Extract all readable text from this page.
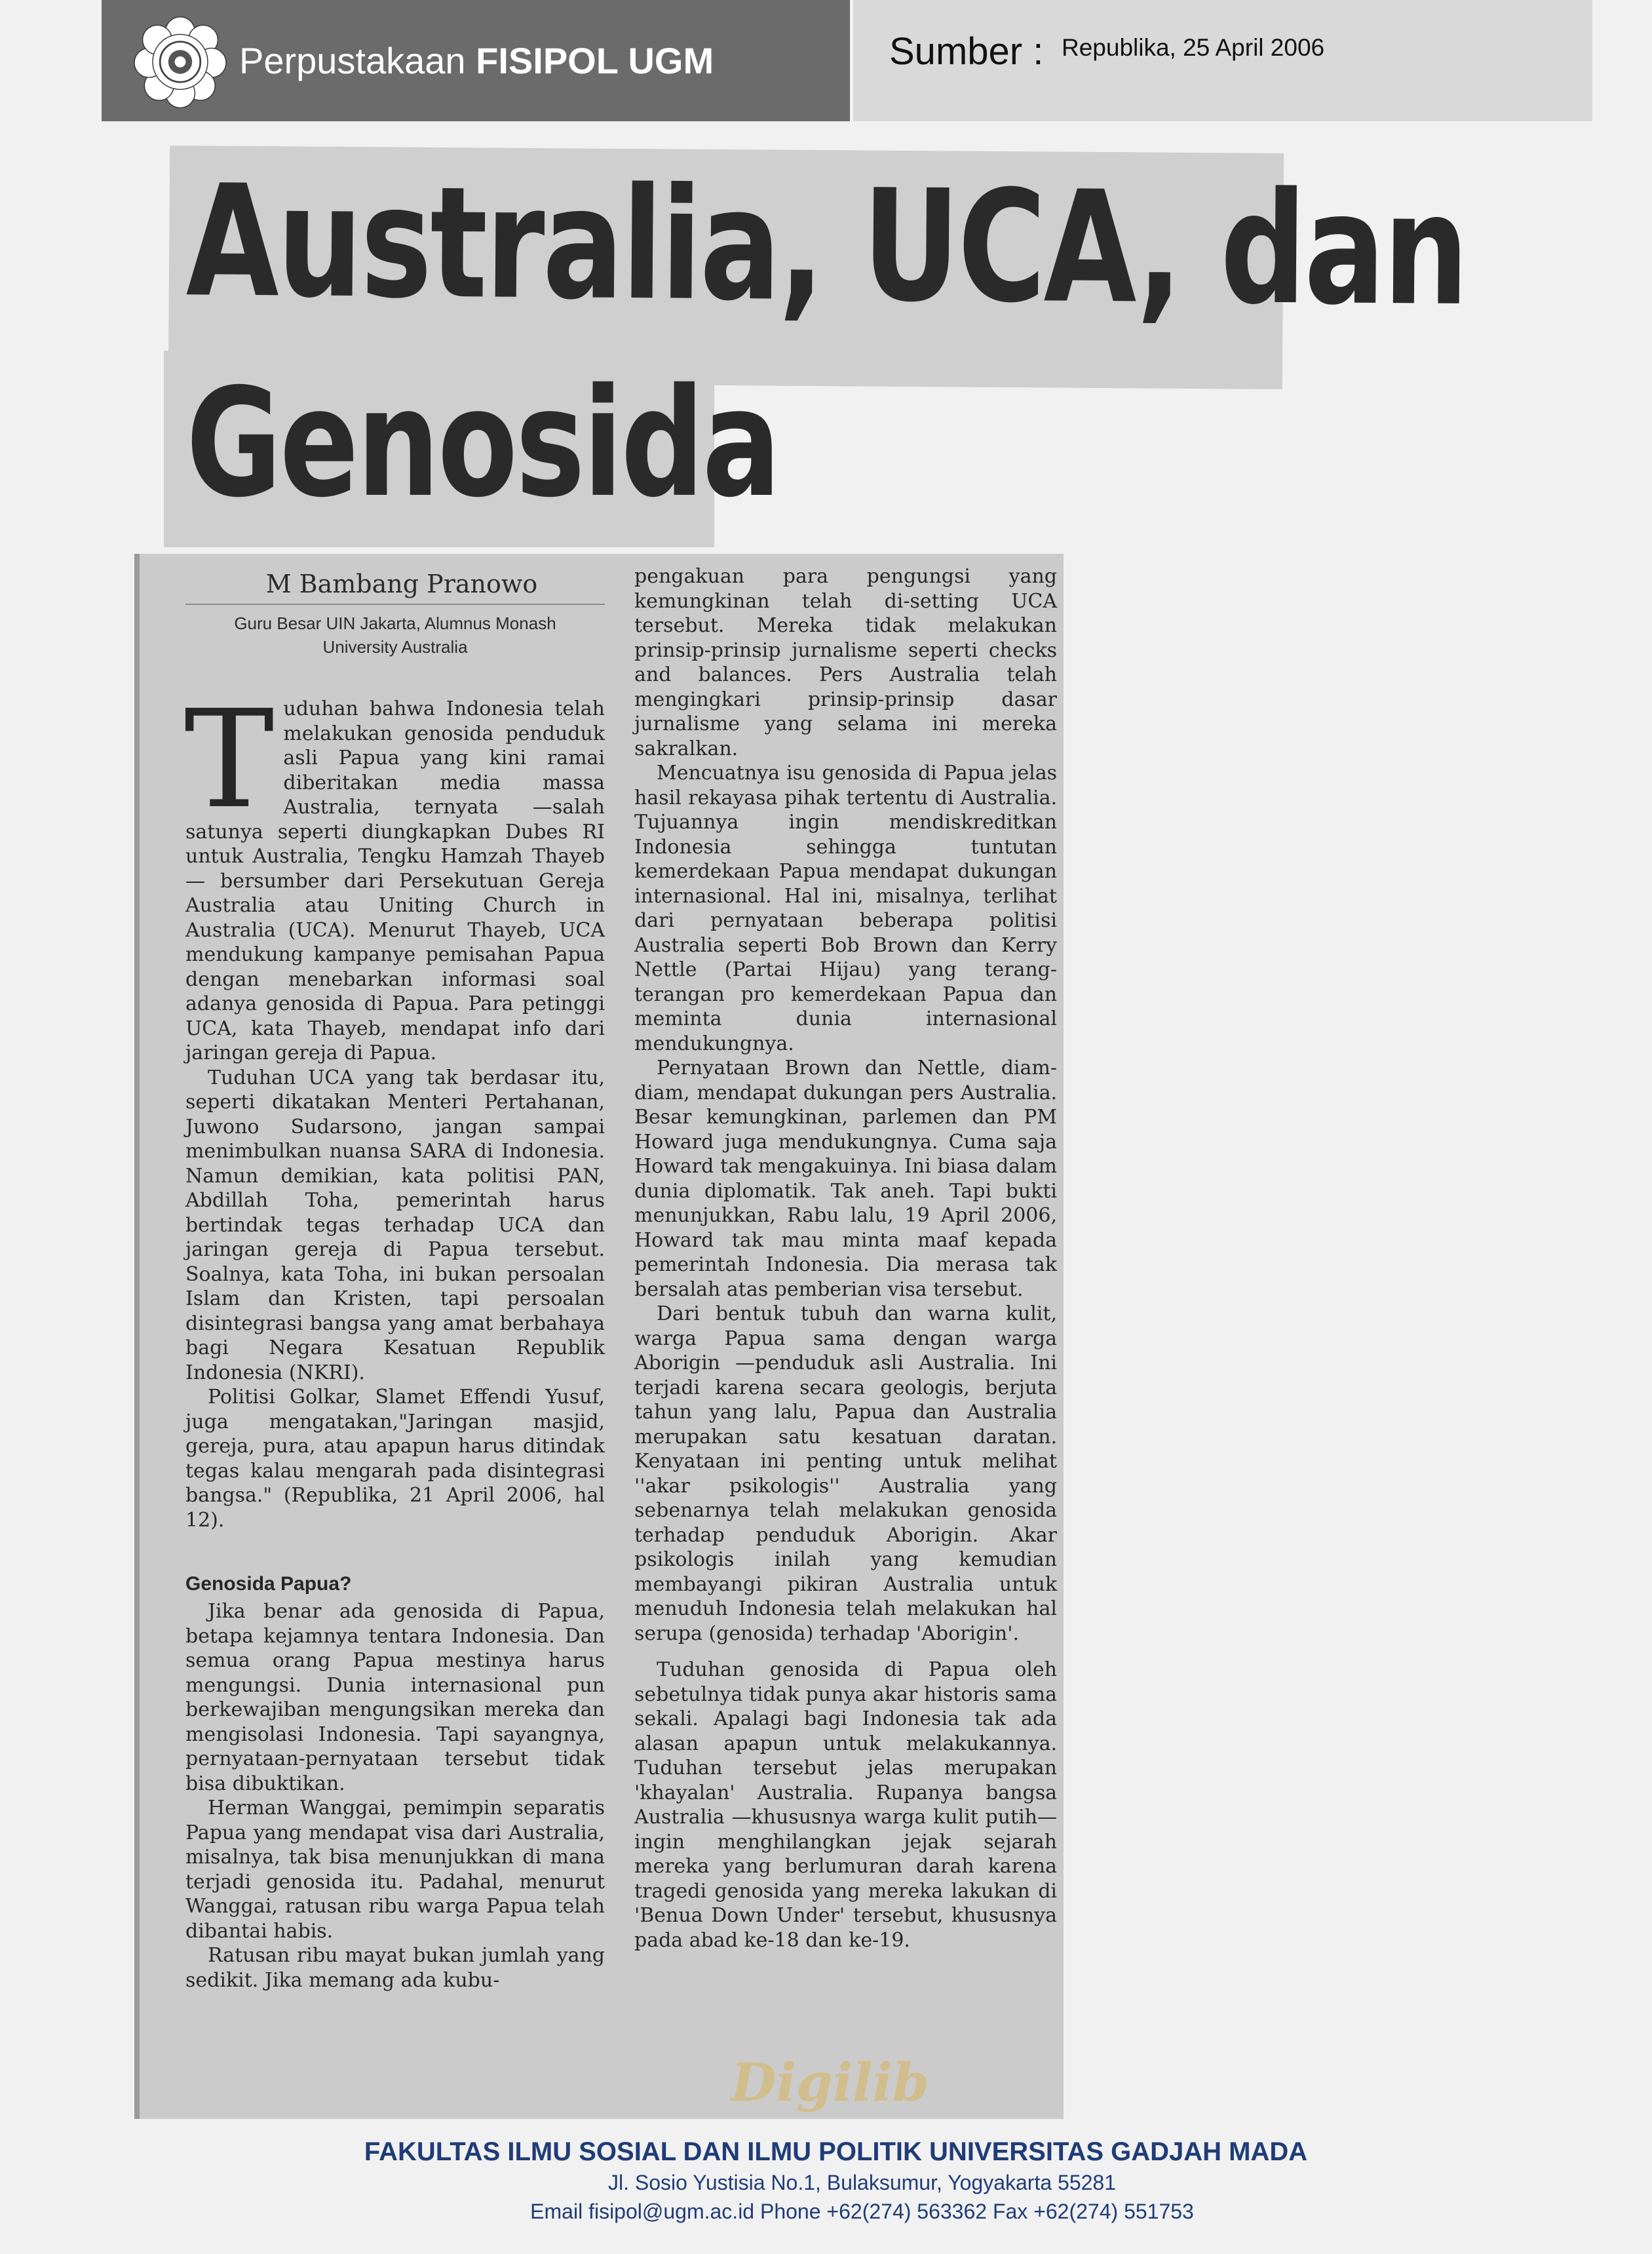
Perpustakaan FISIPOL UGM	Sumber : Republika, 25 April 2006
Australia, UCA, dan
Genosida
M Bambang Pranowo
Guru Besar UIN Jakarta, Alumnus Monash
University Australia

Tuduhan bahwa Indonesia telah melakukan genosida penduduk asli Papua yang kini ramai diberitakan media massa Australia, ternyata —salah satunya seperti diungkapkan Dubes RI untuk Australia, Tengku Hamzah Thayeb— bersumber dari Persekutuan Gereja Australia atau Uniting Church in Australia (UCA). Menurut Thayeb, UCA mendukung kampanye pemisahan Papua dengan menebarkan informasi soal adanya genosida di Papua. Para petinggi UCA, kata Thayeb, mendapat info dari jaringan gereja di Papua.

Tuduhan UCA yang tak berdasar itu, seperti dikatakan Menteri Pertahanan, Juwono Sudarsono, jangan sampai menimbulkan nuansa SARA di Indonesia. Namun demikian, kata politisi PAN, Abdillah Toha, pemerintah harus bertindak tegas terhadap UCA dan jaringan gereja di Papua tersebut. Soalnya, kata Toha, ini bukan persoalan Islam dan Kristen, tapi persoalan disintegrasi bangsa yang amat berbahaya bagi Negara Kesatuan Republik Indonesia (NKRI).

Politisi Golkar, Slamet Effendi Yusuf, juga mengatakan,"Jaringan masjid, gereja, pura, atau apapun harus ditindak tegas kalau mengarah pada disintegrasi bangsa." (Republika, 21 April 2006, hal 12).

Genosida Papua?

Jika benar ada genosida di Papua, betapa kejamnya tentara Indonesia. Dan semua orang Papua mestinya harus mengungsi. Dunia internasional pun berkewajiban mengungsikan mereka dan mengisolasi Indonesia. Tapi sayangnya, pernyataan-pernyataan tersebut tidak bisa dibuktikan.

Herman Wanggai, pemimpin separatis Papua yang mendapat visa dari Australia, misalnya, tak bisa menunjukkan di mana terjadi genosida itu. Padahal, menurut Wanggai, ratusan ribu warga Papua telah dibantai habis.

Ratusan ribu mayat bukan jumlah yang sedikit. Jika memang ada kubu-

pengakuan para pengungsi yang kemungkinan telah di-setting UCA tersebut. Mereka tidak melakukan prinsip-prinsip jurnalisme seperti checks and balances. Pers Australia telah mengingkari prinsip-prinsip dasar jurnalisme yang selama ini mereka sakralkan.

Mencuatnya isu genosida di Papua jelas hasil rekayasa pihak tertentu di Australia. Tujuannya ingin mendiskreditkan Indonesia sehingga tuntutan kemerdekaan Papua mendapat dukungan internasional. Hal ini, misalnya, terlihat dari pernyataan beberapa politisi Australia seperti Bob Brown dan Kerry Nettle (Partai Hijau) yang terang-terangan pro kemerdekaan Papua dan meminta dunia internasional mendukungnya.

Pernyataan Brown dan Nettle, diam-diam, mendapat dukungan pers Australia. Besar kemungkinan, parlemen dan PM Howard juga mendukungnya. Cuma saja Howard tak mengakuinya. Ini biasa dalam dunia diplomatik. Tak aneh. Tapi bukti menunjukkan, Rabu lalu, 19 April 2006, Howard tak mau minta maaf kepada pemerintah Indonesia. Dia merasa tak bersalah atas pemberian visa tersebut.

Dari bentuk tubuh dan warna kulit, warga Papua sama dengan warga Aborigin —penduduk asli Australia. Ini terjadi karena secara geologis, berjuta tahun yang lalu, Papua dan Australia merupakan satu kesatuan daratan. Kenyataan ini penting untuk melihat ''akar psikologis'' Australia yang sebenarnya telah melakukan genosida terhadap penduduk Aborigin. Akar psikologis inilah yang kemudian membayangi pikiran Australia untuk menuduh Indonesia telah melakukan hal serupa (genosida) terhadap 'Aborigin'.

Tuduhan genosida di Papua oleh sebetulnya tidak punya akar historis sama sekali. Apalagi bagi Indonesia tak ada alasan apapun untuk melakukannya. Tuduhan tersebut jelas merupakan 'khayalan' Australia. Rupanya bangsa Australia —khususnya warga kulit putih— ingin menghilangkan jejak sejarah mereka yang berlumuran darah karena tragedi genosida yang mereka lakukan di 'Benua Down Under' tersebut, khususnya pada abad ke-18 dan ke-19.

Digilib
FAKULTAS ILMU SOSIAL DAN ILMU POLITIK UNIVERSITAS GADJAH MADA
Jl. Sosio Yustisia No.1, Bulaksumur, Yogyakarta 55281
Email fisipol@ugm.ac.id Phone +62(274) 563362 Fax +62(274) 551753
